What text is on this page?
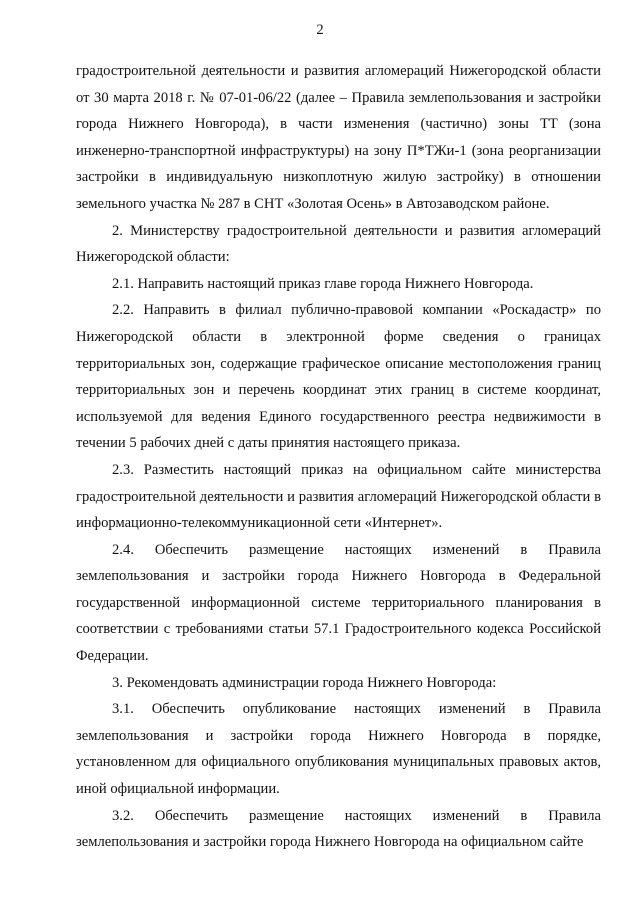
2

градостроительной деятельности и развития агломераций Нижегородской области от 30 марта 2018 г. № 07-01-06/22 (далее – Правила землепользования и застройки города Нижнего Новгорода), в части изменения (частично) зоны ТТ (зона инженерно-транспортной инфраструктуры) на зону П*ТЖи-1 (зона реорганизации застройки в индивидуальную низкоплотную жилую застройку) в отношении земельного участка № 287 в СНТ «Золотая Осень» в Автозаводском районе.

2. Министерству градостроительной деятельности и развития агломераций Нижегородской области:

2.1. Направить настоящий приказ главе города Нижнего Новгорода.

2.2. Направить в филиал публично-правовой компании «Роскадастр» по Нижегородской области в электронной форме сведения о границах территориальных зон, содержащие графическое описание местоположения границ территориальных зон и перечень координат этих границ в системе координат, используемой для ведения Единого государственного реестра недвижимости в течении 5 рабочих дней с даты принятия настоящего приказа.

2.3. Разместить настоящий приказ на официальном сайте министерства градостроительной деятельности и развития агломераций Нижегородской области в информационно-телекоммуникационной сети «Интернет».

2.4. Обеспечить размещение настоящих изменений в Правила землепользования и застройки города Нижнего Новгорода в Федеральной государственной информационной системе территориального планирования в соответствии с требованиями статьи 57.1 Градостроительного кодекса Российской Федерации.

3. Рекомендовать администрации города Нижнего Новгорода:

3.1. Обеспечить опубликование настоящих изменений в Правила землепользования и застройки города Нижнего Новгорода в порядке, установленном для официального опубликования муниципальных правовых актов, иной официальной информации.

3.2. Обеспечить размещение настоящих изменений в Правила землепользования и застройки города Нижнего Новгорода на официальном сайте
